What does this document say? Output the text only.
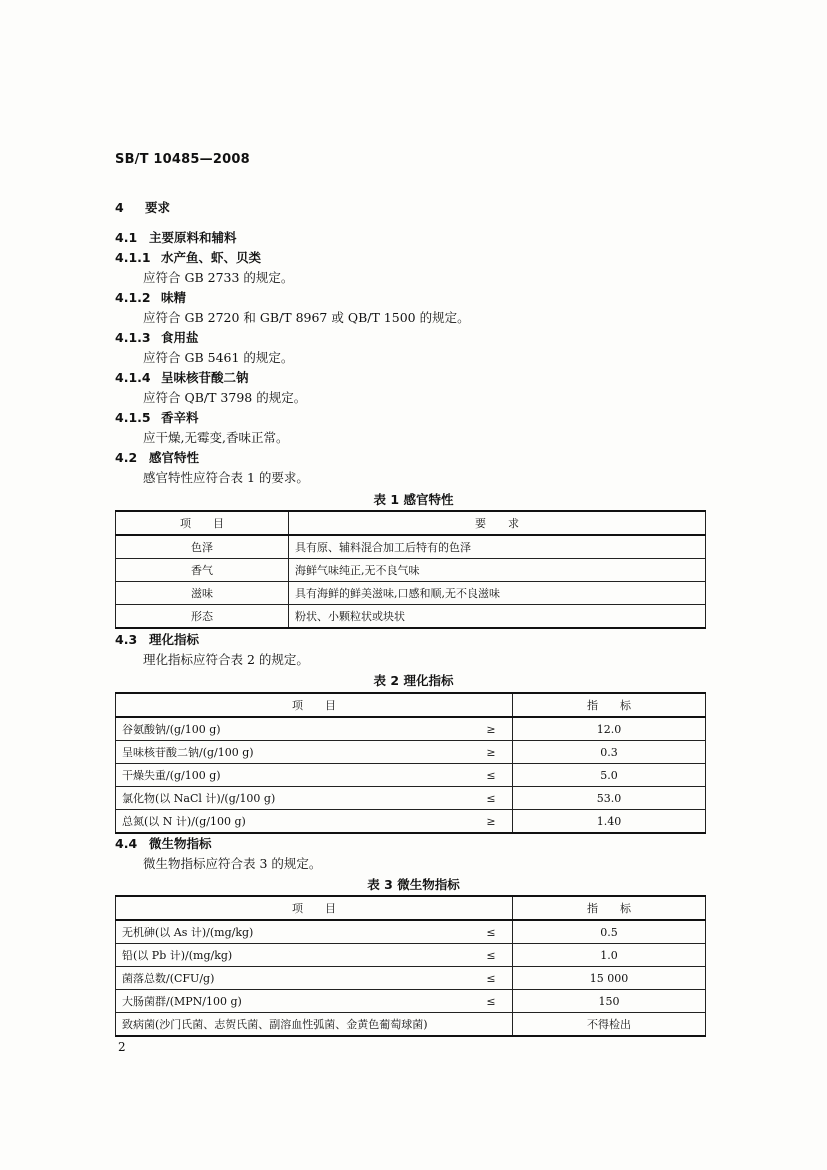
SB/T 10485—2008
4 要求
4.1 主要原料和辅料
4.1.1 水产鱼、虾、贝类
应符合 GB 2733 的规定。
4.1.2 味精
应符合 GB 2720 和 GB/T 8967 或 QB/T 1500 的规定。
4.1.3 食用盐
应符合 GB 5461 的规定。
4.1.4 呈味核苷酸二钠
应符合 QB/T 3798 的规定。
4.1.5 香辛料
应干燥,无霉变,香味正常。
4.2 感官特性
感官特性应符合表 1 的要求。
表 1 感官特性
项　　目	要　　求
色泽	具有原、辅料混合加工后特有的色泽
香气	海鲜气味纯正,无不良气味
滋味	具有海鲜的鲜美滋味,口感和顺,无不良滋味
形态	粉状、小颗粒状或块状
4.3 理化指标
理化指标应符合表 2 的规定。
表 2 理化指标
项　　目		指　　标
谷氨酸钠/(g/100 g)	≥	12.0
呈味核苷酸二钠/(g/100 g)	≥	0.3
干燥失重/(g/100 g)	≤	5.0
氯化物(以 NaCl 计)/(g/100 g)	≤	53.0
总氮(以 N 计)/(g/100 g)	≥	1.40
4.4 微生物指标
微生物指标应符合表 3 的规定。
表 3 微生物指标
项　　目		指　　标
无机砷(以 As 计)/(mg/kg)	≤	0.5
铅(以 Pb 计)/(mg/kg)	≤	1.0
菌落总数/(CFU/g)	≤	15 000
大肠菌群/(MPN/100 g)	≤	150
致病菌(沙门氏菌、志贺氏菌、副溶血性弧菌、金黄色葡萄球菌)		不得检出
2
